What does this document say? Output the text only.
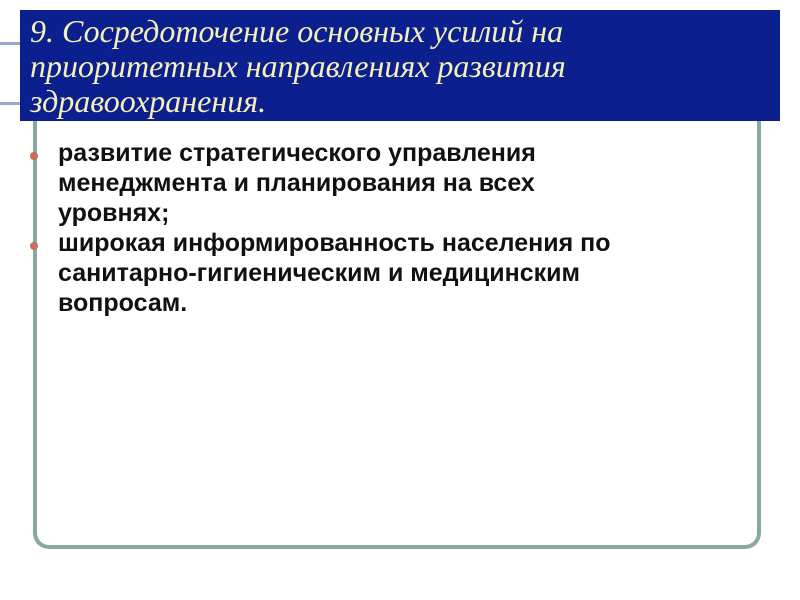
9. Сосредоточение основных усилий на
приоритетных направлениях развития
здравоохранения.
развитие стратегического управления
менеджмента и планирования на всех
уровнях;
широкая информированность населения по
санитарно-гигиеническим и медицинским
вопросам.
